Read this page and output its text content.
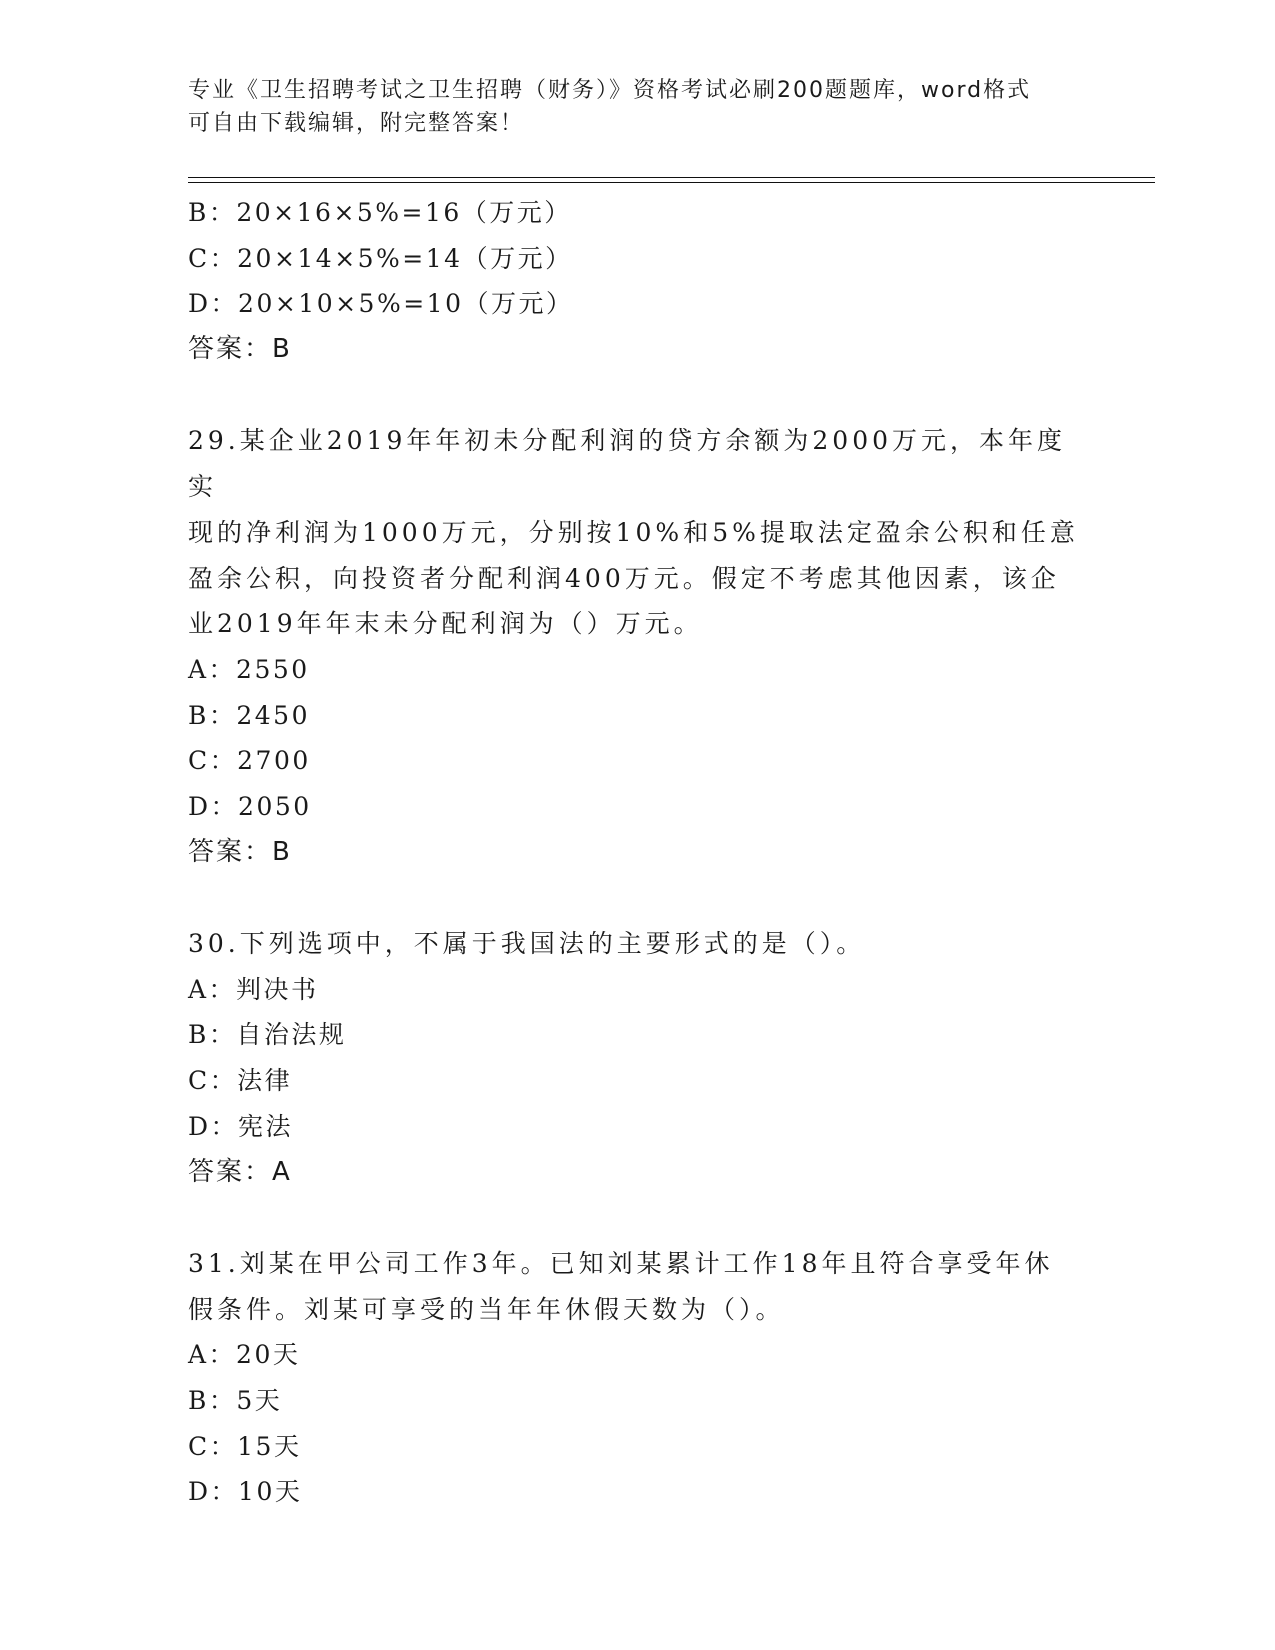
专业《卫生招聘考试之卫生招聘（财务）》资格考试必刷200题题库，word格式
可自由下载编辑，附完整答案！
B：20×16×5%=16（万元）
C：20×14×5%=14（万元）
D：20×10×5%=10（万元）
答案：B
29.某企业2019年年初未分配利润的贷方余额为2000万元，本年度实
现的净利润为1000万元，分别按10%和5%提取法定盈余公积和任意
盈余公积，向投资者分配利润400万元。假定不考虑其他因素，该企
业2019年年末未分配利润为（）万元。
A：2550
B：2450
C：2700
D：2050
答案：B
30.下列选项中，不属于我国法的主要形式的是（）。
A：判决书
B：自治法规
C：法律
D：宪法
答案：A
31.刘某在甲公司工作3年。已知刘某累计工作18年且符合享受年休
假条件。刘某可享受的当年年休假天数为（）。
A：20天
B：5天
C：15天
D：10天
